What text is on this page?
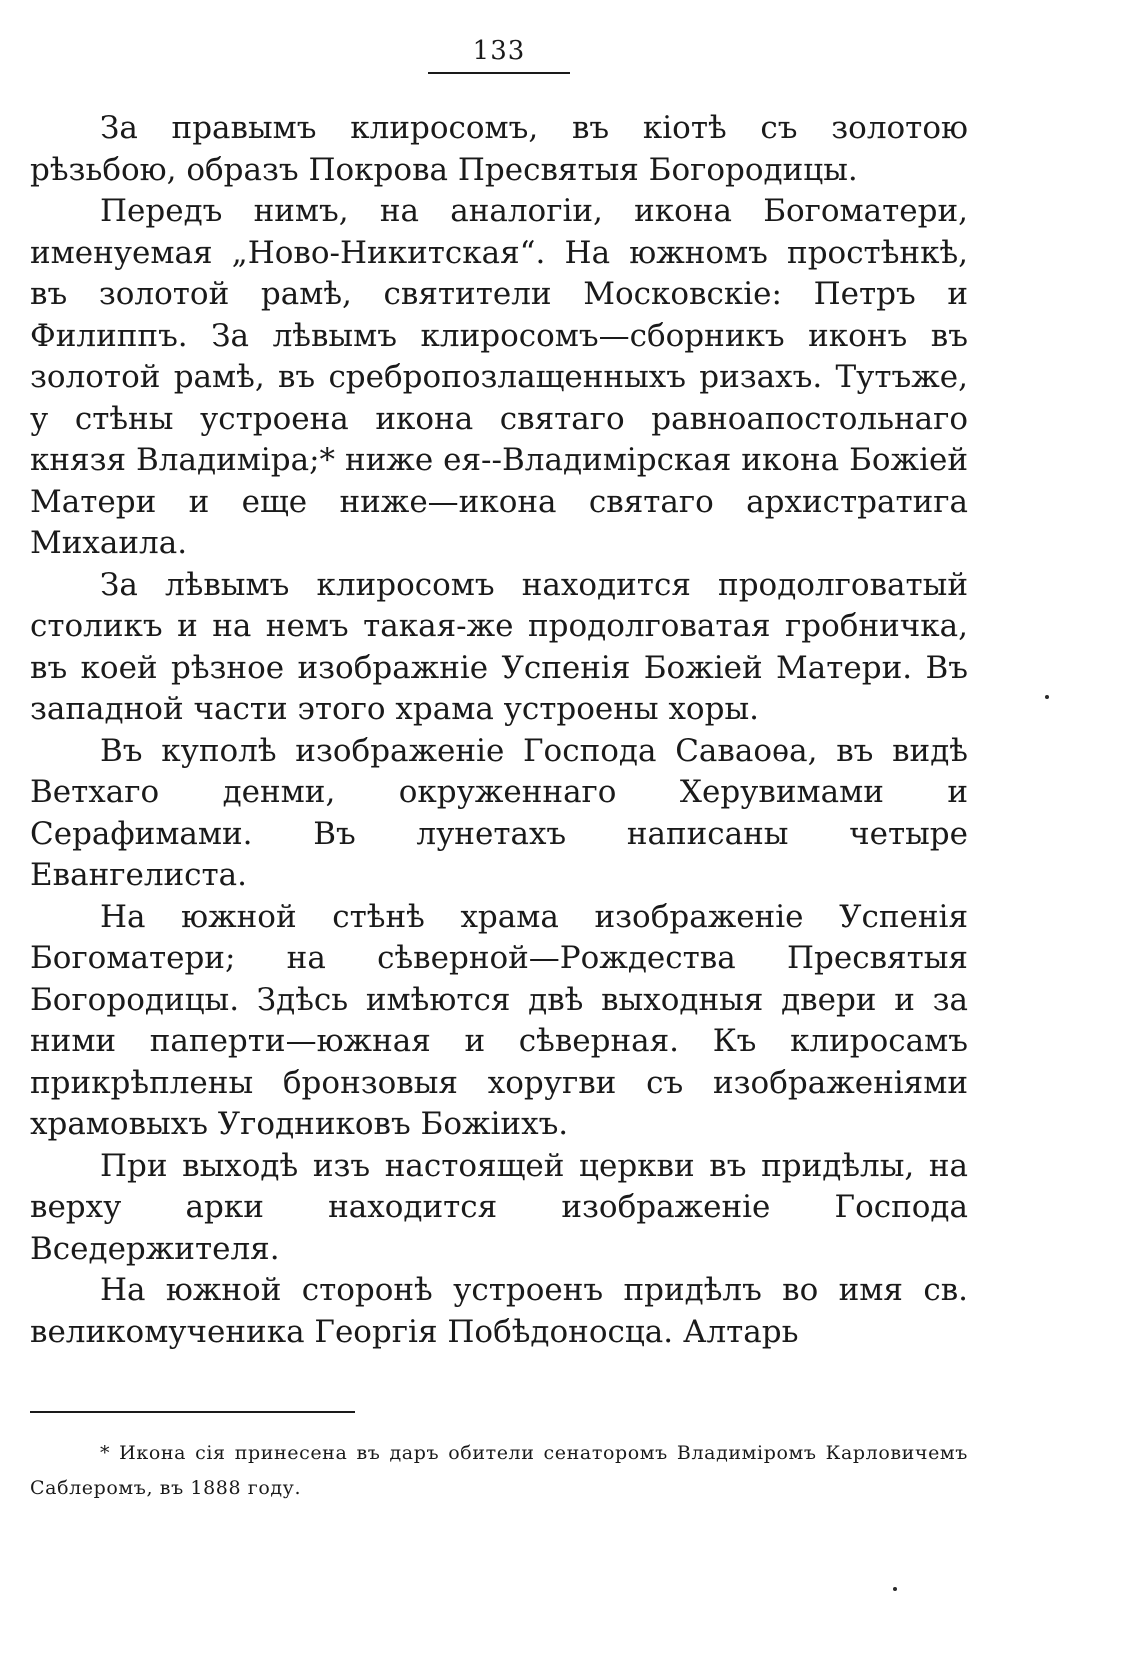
133

За правымъ клиросомъ, въ кіотѣ съ золотою рѣзьбою, образъ Покрова Пресвятыя Богородицы.

Передъ нимъ, на аналогіи, икона Богоматери, именуемая „Ново-Никитская“. На южномъ простѣнкѣ, въ золотой рамѣ, святители Московскіе: Петръ и Филиппъ. За лѣвымъ клиросомъ—сборникъ иконъ въ золотой рамѣ, въ сребропозлащенныхъ ризахъ. Тутъже, у стѣны устроена икона святаго равноапостольнаго князя Владиміра;* ниже ея--Владимірская икона Божіей Матери и еще ниже—икона святаго архистратига Михаила.

За лѣвымъ клиросомъ находится продолговатый столикъ и на немъ такая-же продолговатая гробничка, въ коей рѣзное изображніе Успенія Божіей Матери. Въ западной части этого храма устроены хоры.

Въ куполѣ изображеніе Господа Саваоѳа, въ видѣ Ветхаго денми, окруженнаго Херувимами и Серафимами. Въ лунетахъ написаны четыре Евангелиста.

На южной стѣнѣ храма изображеніе Успенія Богоматери; на сѣверной—Рождества Пресвятыя Богородицы. Здѣсь имѣются двѣ выходныя двери и за ними паперти—южная и сѣверная. Къ клиросамъ прикрѣплены бронзовыя хоругви съ изображеніями храмовыхъ Угодниковъ Божіихъ.

При выходѣ изъ настоящей церкви въ придѣлы, на верху арки находится изображеніе Господа Вседержителя.

На южной сторонѣ устроенъ придѣлъ во имя св. великомученика Георгія Побѣдоносца. Алтарь

* Икона сія принесена въ даръ обители сенаторомъ Владиміромъ Карловичемъ Саблеромъ, въ 1888 году.
